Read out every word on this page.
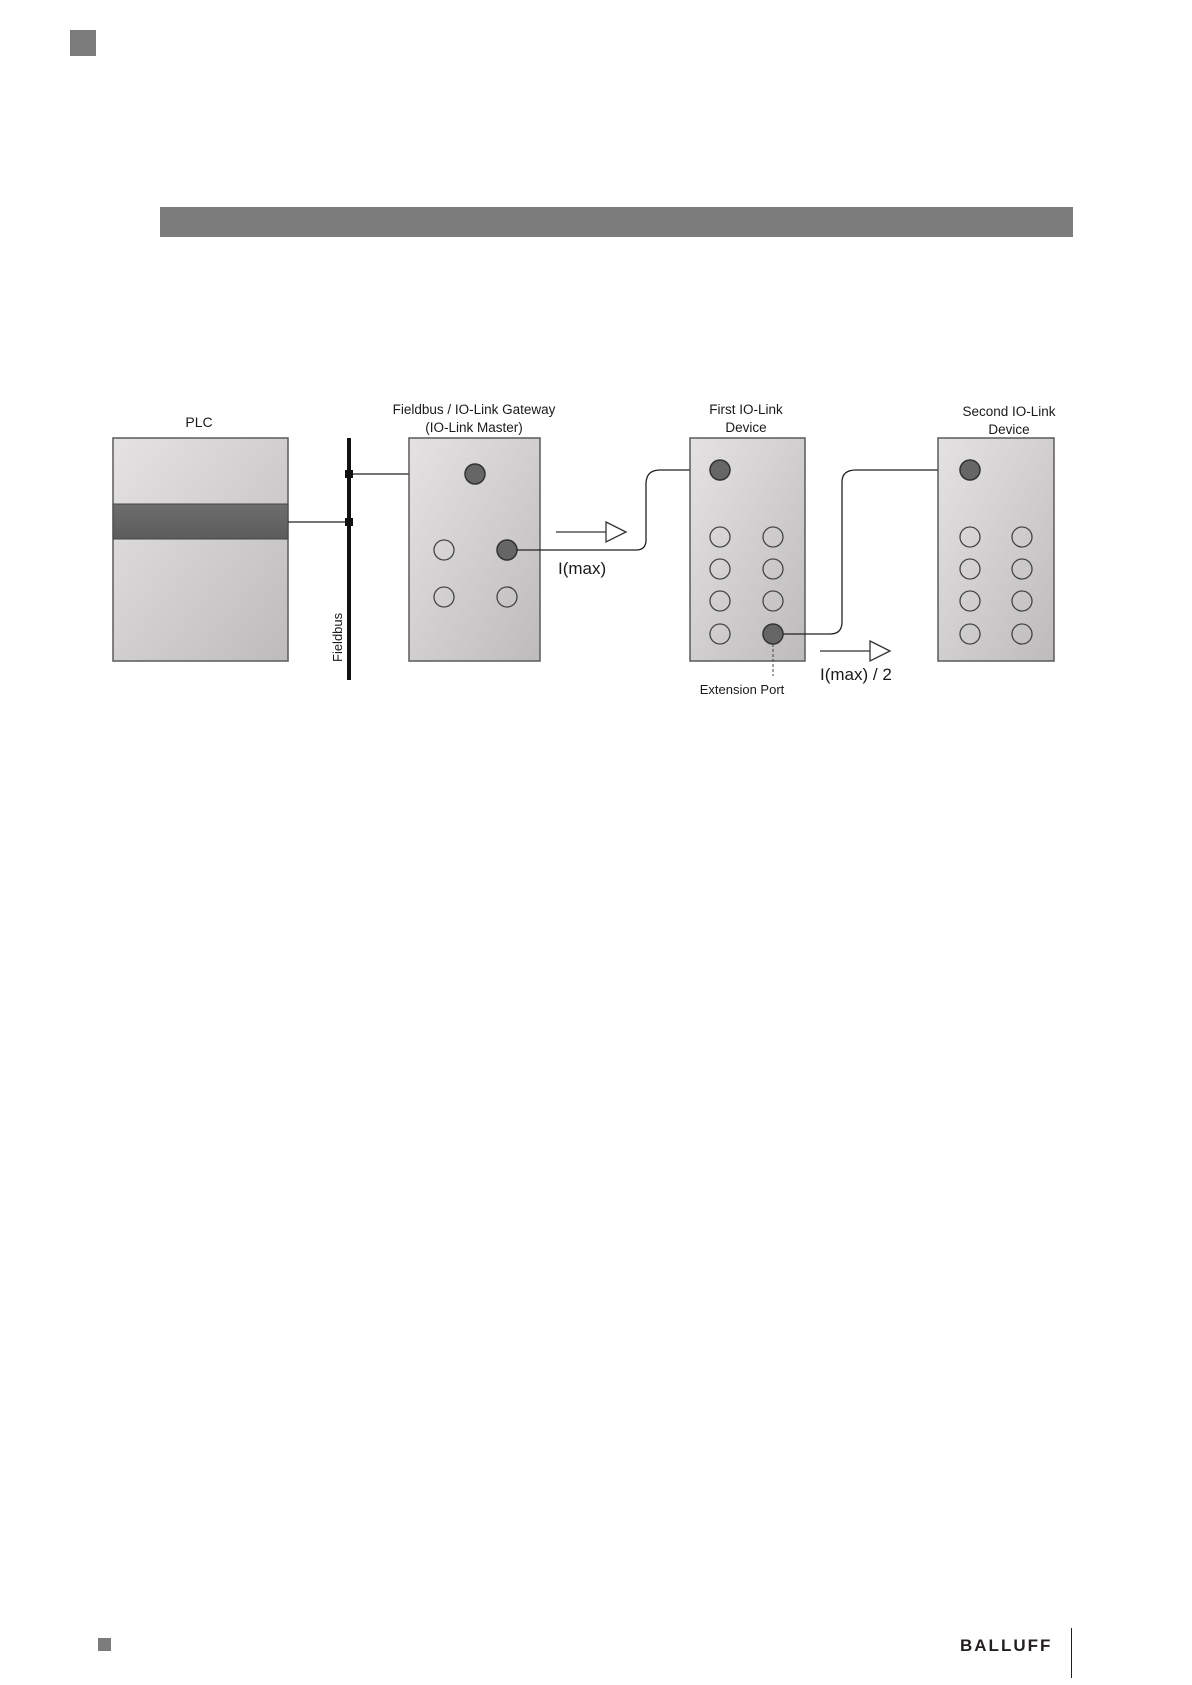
PLC
Fieldbus
Fieldbus / IO-Link Gateway
(IO-Link Master)
I(max)
First IO-Link
Device
Extension Port
I(max) / 2
Second IO-Link
Device
BALLUFF
